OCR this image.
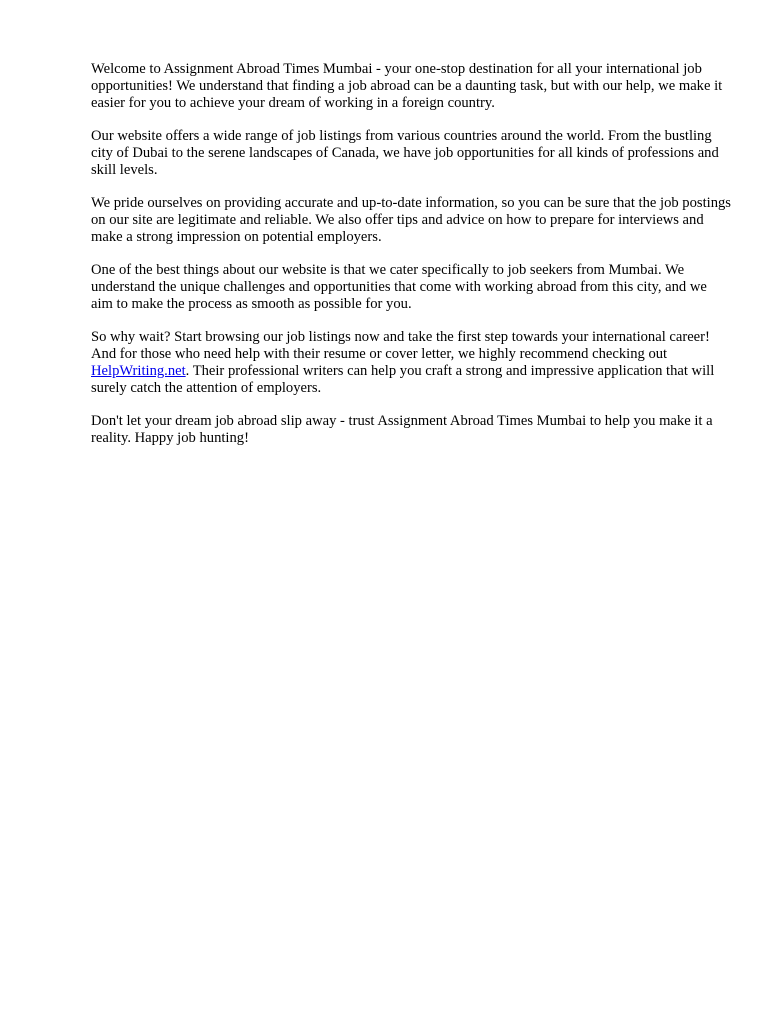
Welcome to Assignment Abroad Times Mumbai - your one-stop destination for all your international job opportunities! We understand that finding a job abroad can be a daunting task, but with our help, we make it easier for you to achieve your dream of working in a foreign country.

Our website offers a wide range of job listings from various countries around the world. From the bustling city of Dubai to the serene landscapes of Canada, we have job opportunities for all kinds of professions and skill levels.

We pride ourselves on providing accurate and up-to-date information, so you can be sure that the job postings on our site are legitimate and reliable. We also offer tips and advice on how to prepare for interviews and make a strong impression on potential employers.

One of the best things about our website is that we cater specifically to job seekers from Mumbai. We understand the unique challenges and opportunities that come with working abroad from this city, and we aim to make the process as smooth as possible for you.

So why wait? Start browsing our job listings now and take the first step towards your international career! And for those who need help with their resume or cover letter, we highly recommend checking out HelpWriting.net. Their professional writers can help you craft a strong and impressive application that will surely catch the attention of employers.

Don't let your dream job abroad slip away - trust Assignment Abroad Times Mumbai to help you make it a reality. Happy job hunting!
